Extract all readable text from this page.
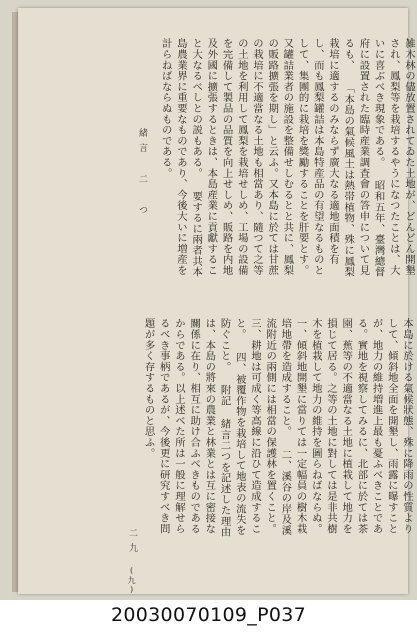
雑木林の儘放置されてゐた土地が、どんどん開墾され、鳳梨等を栽培するやうになつたことは、大いに喜ぶべき現象である。 昭和五年、臺灣總督府に設置された臨時産業調査會の答申について見るも、 「本島の氣候風土は熱帯植物、殊に鳳梨栽培に適するのみならず廣大なる適地面積を有し、而も鳳梨罐詰は本島特産品の有望なるものとして、集團的に栽培を獎勵することを肝要とす。又罐詰業者の施設を整備せしむるとと共に、鳳梨の販路擴張を期し」と云ふ。又本島に於ては甘蔗の栽培に不適當なる土地も相當あり、隨つて之等の土地を利用して鳳梨を栽培せしめ、工場の設備を完備して製品の品質を向上せしめ、販路を内地及外國に擴張するときは、本島産業に貢獻すること大なるべしとの説もある。 要するに兩者共本島農業界に重要なものであり、今後大いに増産を計らねばならぬものである。
緒言 二 つ
二九
(九)
本島に於ける氣候狀態、殊に降雨の性質よりして、傾斜地全面を開墾し、雨露に曝すことが、地力の維持増進上最も憂ふべきことである。實地を視察してみるに、北部に於ては茶園、蕉等の不適當なる土地に植栽して地力を損じて居る。之等の土地に對しては是非共樹木を植栽して地力の維持を圖らねばならぬ。 一、傾斜地開墾に當りては一定幅員の樹木栽培地帶を造成すること。 二、溪谷の岸及溪流附近の兩側には相當の保護林を置くこと。 三、耕地は可成く等高線に沿ひて造成すること。 四、被覆作物を栽培して地表の流失を防ぐこと。 附記 緒言二つを記述した理由は、本島の將來の農業と林業とは互に密接な關係に在り、相互に助け合ふべきものであるからである。以上述べた所は一般に理解せらるべき事柄であるが、今後更に研究すべき問題が多く存するものと思ふ。
20030070109_P037
